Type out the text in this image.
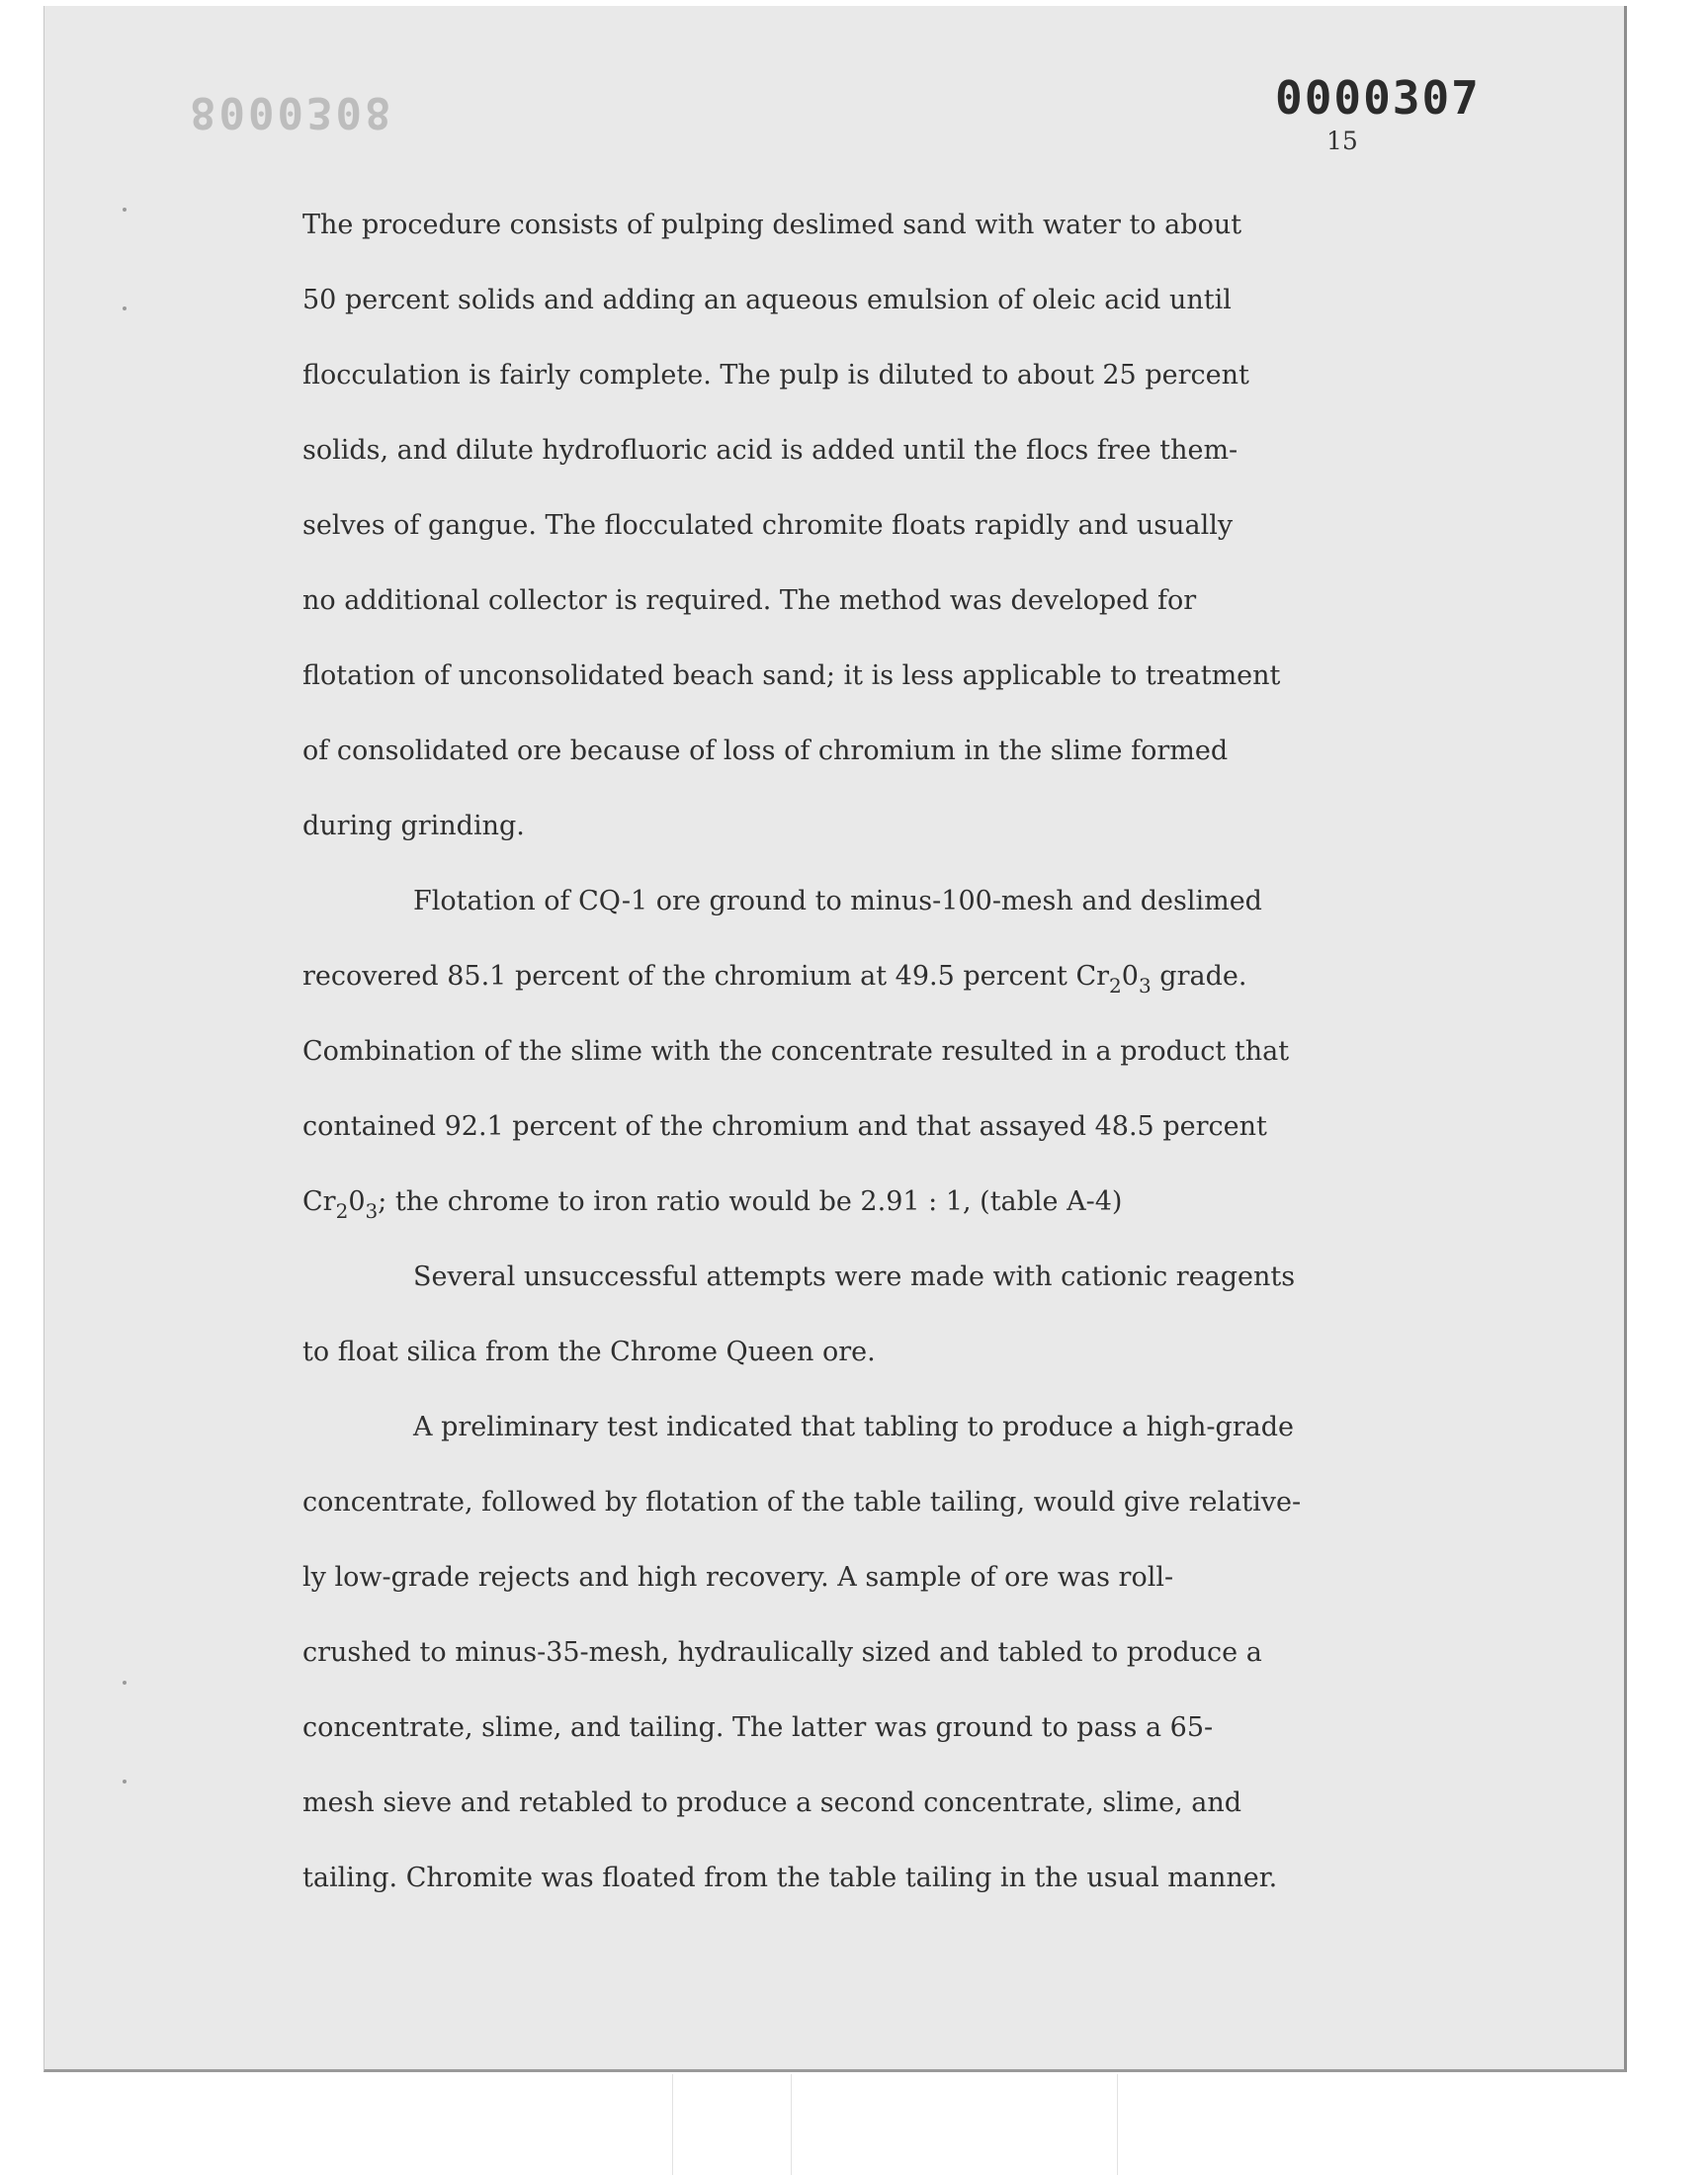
8000308	0000307
15
The procedure consists of pulping deslimed sand with water to about
50 percent solids and adding an aqueous emulsion of oleic acid until
flocculation is fairly complete. The pulp is diluted to about 25 percent
solids, and dilute hydrofluoric acid is added until the flocs free them-
selves of gangue. The flocculated chromite floats rapidly and usually
no additional collector is required. The method was developed for
flotation of unconsolidated beach sand; it is less applicable to treatment
of consolidated ore because of loss of chromium in the slime formed
during grinding.
Flotation of CQ-1 ore ground to minus-100-mesh and deslimed
recovered 85.1 percent of the chromium at 49.5 percent $Cr_20_3$ grade.
Combination of the slime with the concentrate resulted in a product that
contained 92.1 percent of the chromium and that assayed 48.5 percent
$Cr_20_3$; the chrome to iron ratio would be 2.91 : 1, (table A-4)
Several unsuccessful attempts were made with cationic reagents
to float silica from the Chrome Queen ore.
A preliminary test indicated that tabling to produce a high-grade
concentrate, followed by flotation of the table tailing, would give relative-
ly low-grade rejects and high recovery. A sample of ore was roll-
crushed to minus-35-mesh, hydraulically sized and tabled to produce a
concentrate, slime, and tailing. The latter was ground to pass a 65-
mesh sieve and retabled to produce a second concentrate, slime, and
tailing. Chromite was floated from the table tailing in the usual manner.
